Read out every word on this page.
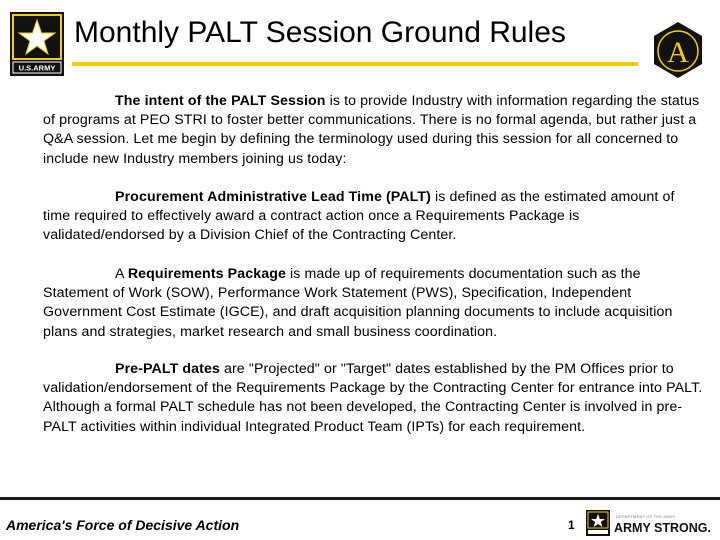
U.S.ARMY
Monthly PALT Session Ground Rules
A

The intent of the PALT Session is to provide Industry with information regarding the status of programs at PEO STRI to foster better communications. There is no formal agenda, but rather just a Q&A session. Let me begin by defining the terminology used during this session for all concerned to include new Industry members joining us today:

Procurement Administrative Lead Time (PALT) is defined as the estimated amount of time required to effectively award a contract action once a Requirements Package is validated/endorsed by a Division Chief of the Contracting Center.

A Requirements Package is made up of requirements documentation such as the Statement of Work (SOW), Performance Work Statement (PWS), Specification, Independent Government Cost Estimate (IGCE), and draft acquisition planning documents to include acquisition plans and strategies, market research and small business coordination.

Pre-PALT dates are "Projected" or "Target" dates established by the PM Offices prior to validation/endorsement of the Requirements Package by the Contracting Center for entrance into PALT. Although a formal PALT schedule has not been developed, the Contracting Center is involved in pre-PALT activities within individual Integrated Product Team (IPTs) for each requirement.

America's Force of Decisive Action	1
DEPARTMENT OF THE ARMY
ARMY STRONG.
